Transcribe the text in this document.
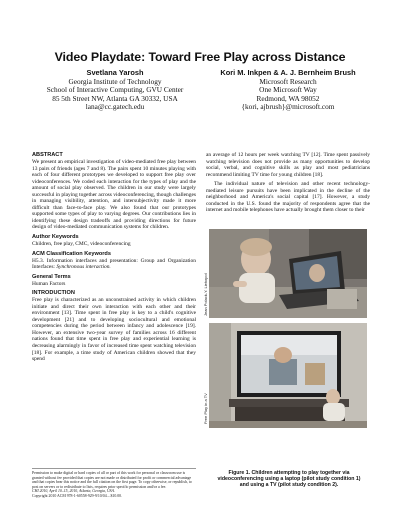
Video Playdate: Toward Free Play across Distance
Svetlana Yarosh
Georgia Institute of Technology
School of Interactive Computing, GVU Center
85 5th Street NW, Atlanta GA 30332, USA
lana@cc.gatech.edu
Kori M. Inkpen & A. J. Bernheim Brush
Microsoft Research
One Microsoft Way
Redmond, WA 98052
{kori, ajbrush}@microsoft.com
ABSTRACT

We present an empirical investigation of video-mediated free play between 13 pairs of friends (ages 7 and 8). The pairs spent 10 minutes playing with each of four different prototypes we developed to support free play over videoconferences. We coded each interaction for the types of play and the amount of social play observed. The children in our study were largely successful in playing together across videoconferencing, though challenges in managing visibility, attention, and intersubjectivity made it more difficult than face-to-face play. We also found that our prototypes supported some types of play to varying degrees. Our contributions lies in identifying these design tradeoffs and providing directions for future design of video-mediated communication systems for children.

Author Keywords

Children, free play, CMC, videoconferencing

ACM Classification Keywords

H5.3. Information interfaces and presentation: Group and Organization Interfaces: Synchronous interaction.

General Terms

Human Factors

INTRODUCTION

Free play is characterized as an unconstrained activity in which children initiate and direct their own interaction with each other and their environment [13]. Time spent in free play is key to a child's cognitive development [21] and to developing sociocultural and emotional competencies during the period between infancy and adolescence [19]. However, an extensive two-year survey of families across 16 different nations found that time spent in free play and experiential learning is decreasing alarmingly in favor of increased time spent watching television [18]. For example, a time study of American children showed that they spend

Permission to make digital or hard copies of all or part of this work for personal or classroom use is granted without fee provided that copies are not made or distributed for profit or commercial advantage and that copies bear this notice and the full citation on the first page. To copy otherwise, or republish, to post on servers or to redistribute to lists, requires prior specific permission and/or a fee.
CHI 2010, April 10–15, 2010, Atlanta, Georgia, USA.
Copyright 2010 ACM 978-1-60558-929-9/10/04....$10.00.

an average of 12 hours per week watching TV [12]. Time spent passively watching television does not provide as many opportunities to develop social, verbal, and cognitive skills as play and most pediatricians recommend limiting TV time for young children [18].

The individual nature of television and other recent technology-mediated leisure pursuits have been implicated in the decline of the neighborhood and America's social capital [17]. However, a study conducted in the U.S. found the majority of respondents agree that the internet and mobile telephones have actually brought them closer to their

Jean Polack-Y. Liehopol
Free Play in a TV
Figure 1. Children attempting to play together via videoconferencing using a laptop (pilot study condition 1) and using a TV (pilot study condition 2).
